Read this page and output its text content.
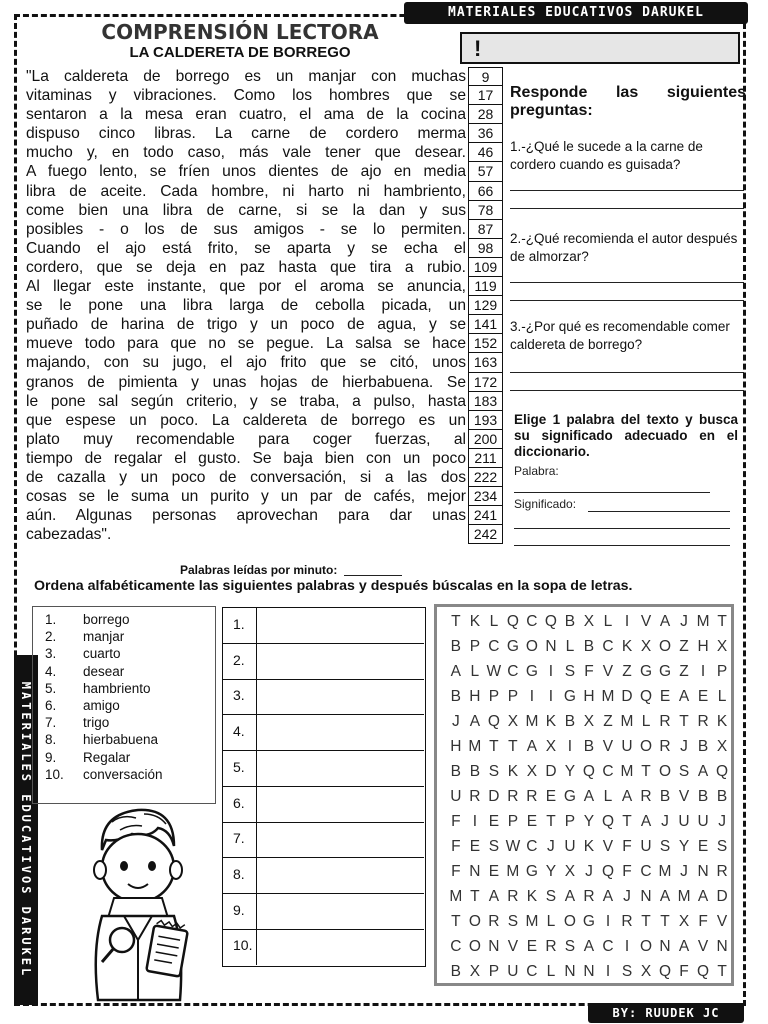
MATERIALES EDUCATIVOS DARUKEL
MATERIALES EDUCATIVOS DARUKEL
BY: RUUDEK JC
COMPRENSIÓN LECTORA
LA CALDERETA DE BORREGO	!
"La caldereta de borrego es un manjar con muchas
vitaminas y vibraciones. Como los hombres que se
sentaron a la mesa eran cuatro, el ama de la cocina
dispuso cinco libras. La carne de cordero merma
mucho y, en todo caso, más vale tener que desear.
A fuego lento, se fríen unos dientes de ajo en media
libra de aceite. Cada hombre, ni harto ni hambriento,
come bien una libra de carne, si se la dan y sus
posibles - o los de sus amigos - se lo permiten.
Cuando el ajo está frito, se aparta y se echa el
cordero, que se deja en paz hasta que tira a rubio.
Al llegar este instante, que por el aroma se anuncia,
se le pone una libra larga de cebolla picada, un
puñado de harina de trigo y un poco de agua, y se
mueve todo para que no se pegue. La salsa se hace
majando, con su jugo, el ajo frito que se citó, unos
granos de pimienta y unas hojas de hierbabuena. Se
le pone sal según criterio, y se traba, a pulso, hasta
que espese un poco. La caldereta de borrego es un
plato muy recomendable para coger fuerzas, al
tiempo de regalar el gusto. Se baja bien con un poco
de cazalla y un poco de conversación, si a las dos
cosas se le suma un purito y un par de cafés, mejor
aún. Algunas personas aprovechan para dar unas
cabezadas".
9
17
28
36
46
57
66
78
87
98
109
119
129
141
152
163
172
183
193
200
211
222
234
241
242
Responde las siguientes preguntas:
1.-¿Qué le sucede a la carne de cordero cuando es guisada?
2.-¿Qué recomienda el autor después de almorzar?
3.-¿Por qué es recomendable comer caldereta de borrego?
Elige 1 palabra del texto y busca su significado adecuado en el diccionario.
Palabra:
Significado:
Palabras leídas por minuto:
Ordena alfabéticamente las siguientes palabras y después búscalas en la sopa de letras.
1. borrego
2. manjar
3. cuarto
4. desear
5. hambriento
6. amigo
7. trigo
8. hierbabuena
9. Regalar
10. conversación
1.
2.
3.
4.
5.
6.
7.
8.
9.
10.
T K L Q C Q B X L I V A J M T
B P C G O N L B C K X O Z H X
A L W C G I S F V Z G G Z I P
B H P P I I G H M D Q E A E L
J A Q X M K B X Z M L R T R K
H M T T A X I B V U O R J B X
B B S K X D Y Q C M T O S A Q
U R D R R E G A L A R B V B B
F I E P E T P Y Q T A J U U J
F E S W C J U K V F U S Y E S
F N E M G Y X J Q F C M J N R
M T A R K S A R A J N A M A D
T O R S M L O G I R T T X F V
C O N V E R S A C I O N A V N
B X P U C L N N I S X Q F Q T
